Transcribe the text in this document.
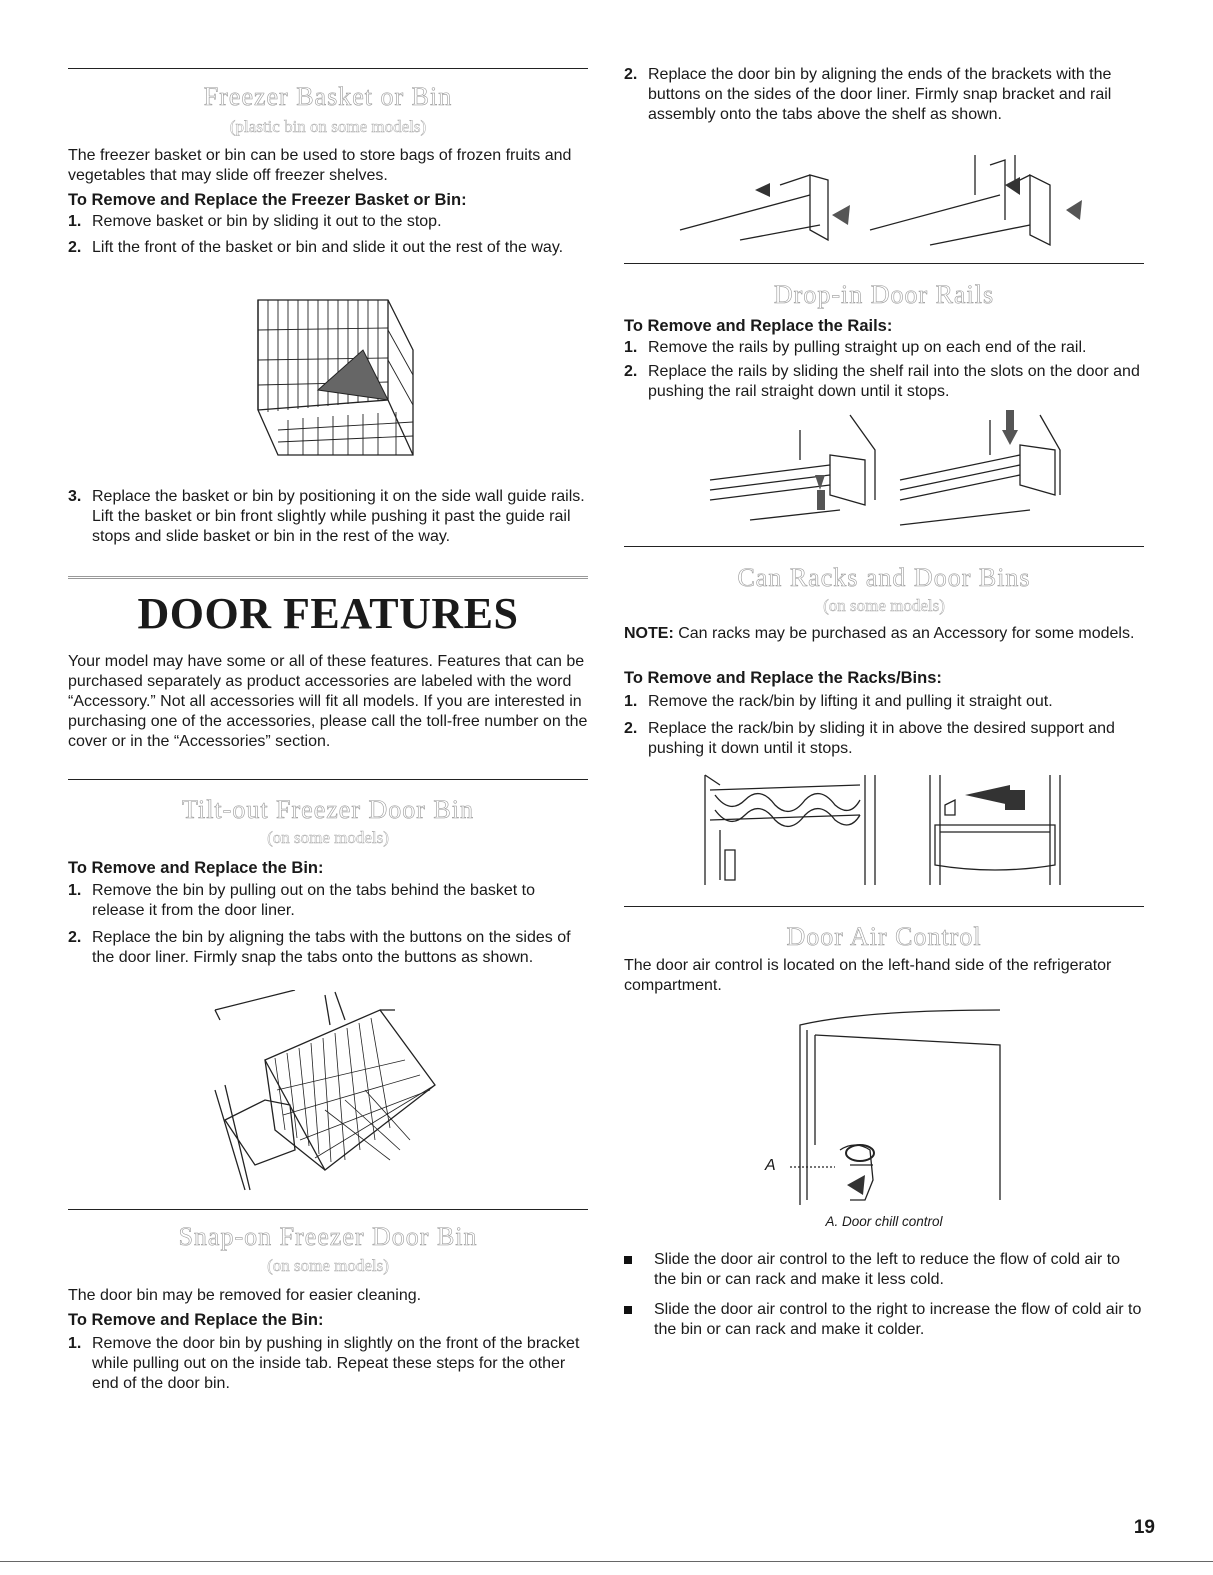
Freezer Basket or Bin
(plastic bin on some models)
The freezer basket or bin can be used to store bags of frozen fruits and vegetables that may slide off freezer shelves.
To Remove and Replace the Freezer Basket or Bin:
1. Remove basket or bin by sliding it out to the stop.
2. Lift the front of the basket or bin and slide it out the rest of the way.
3. Replace the basket or bin by positioning it on the side wall guide rails. Lift the basket or bin front slightly while pushing it past the guide rail stops and slide basket or bin in the rest of the way.
DOOR FEATURES
Your model may have some or all of these features. Features that can be purchased separately as product accessories are labeled with the word “Accessory.” Not all accessories will fit all models. If you are interested in purchasing one of the accessories, please call the toll-free number on the cover or in the “Accessories” section.
Tilt-out Freezer Door Bin
(on some models)
To Remove and Replace the Bin:
1. Remove the bin by pulling out on the tabs behind the basket to release it from the door liner.
2. Replace the bin by aligning the tabs with the buttons on the sides of the door liner. Firmly snap the tabs onto the buttons as shown.
Snap-on Freezer Door Bin
(on some models)
The door bin may be removed for easier cleaning.
To Remove and Replace the Bin:
1. Remove the door bin by pushing in slightly on the front of the bracket while pulling out on the inside tab. Repeat these steps for the other end of the door bin.
2. Replace the door bin by aligning the ends of the brackets with the buttons on the sides of the door liner. Firmly snap bracket and rail assembly onto the tabs above the shelf as shown.
Drop-in Door Rails
To Remove and Replace the Rails:
1. Remove the rails by pulling straight up on each end of the rail.
2. Replace the rails by sliding the shelf rail into the slots on the door and pushing the rail straight down until it stops.
Can Racks and Door Bins
(on some models)
NOTE: Can racks may be purchased as an Accessory for some models.
To Remove and Replace the Racks/Bins:
1. Remove the rack/bin by lifting it and pulling it straight out.
2. Replace the rack/bin by sliding it in above the desired support and pushing it down until it stops.
Door Air Control
The door air control is located on the left-hand side of the refrigerator compartment.
A
A. Door chill control
Slide the door air control to the left to reduce the flow of cold air to the bin or can rack and make it less cold.
Slide the door air control to the right to increase the flow of cold air to the bin or can rack and make it colder.
19
